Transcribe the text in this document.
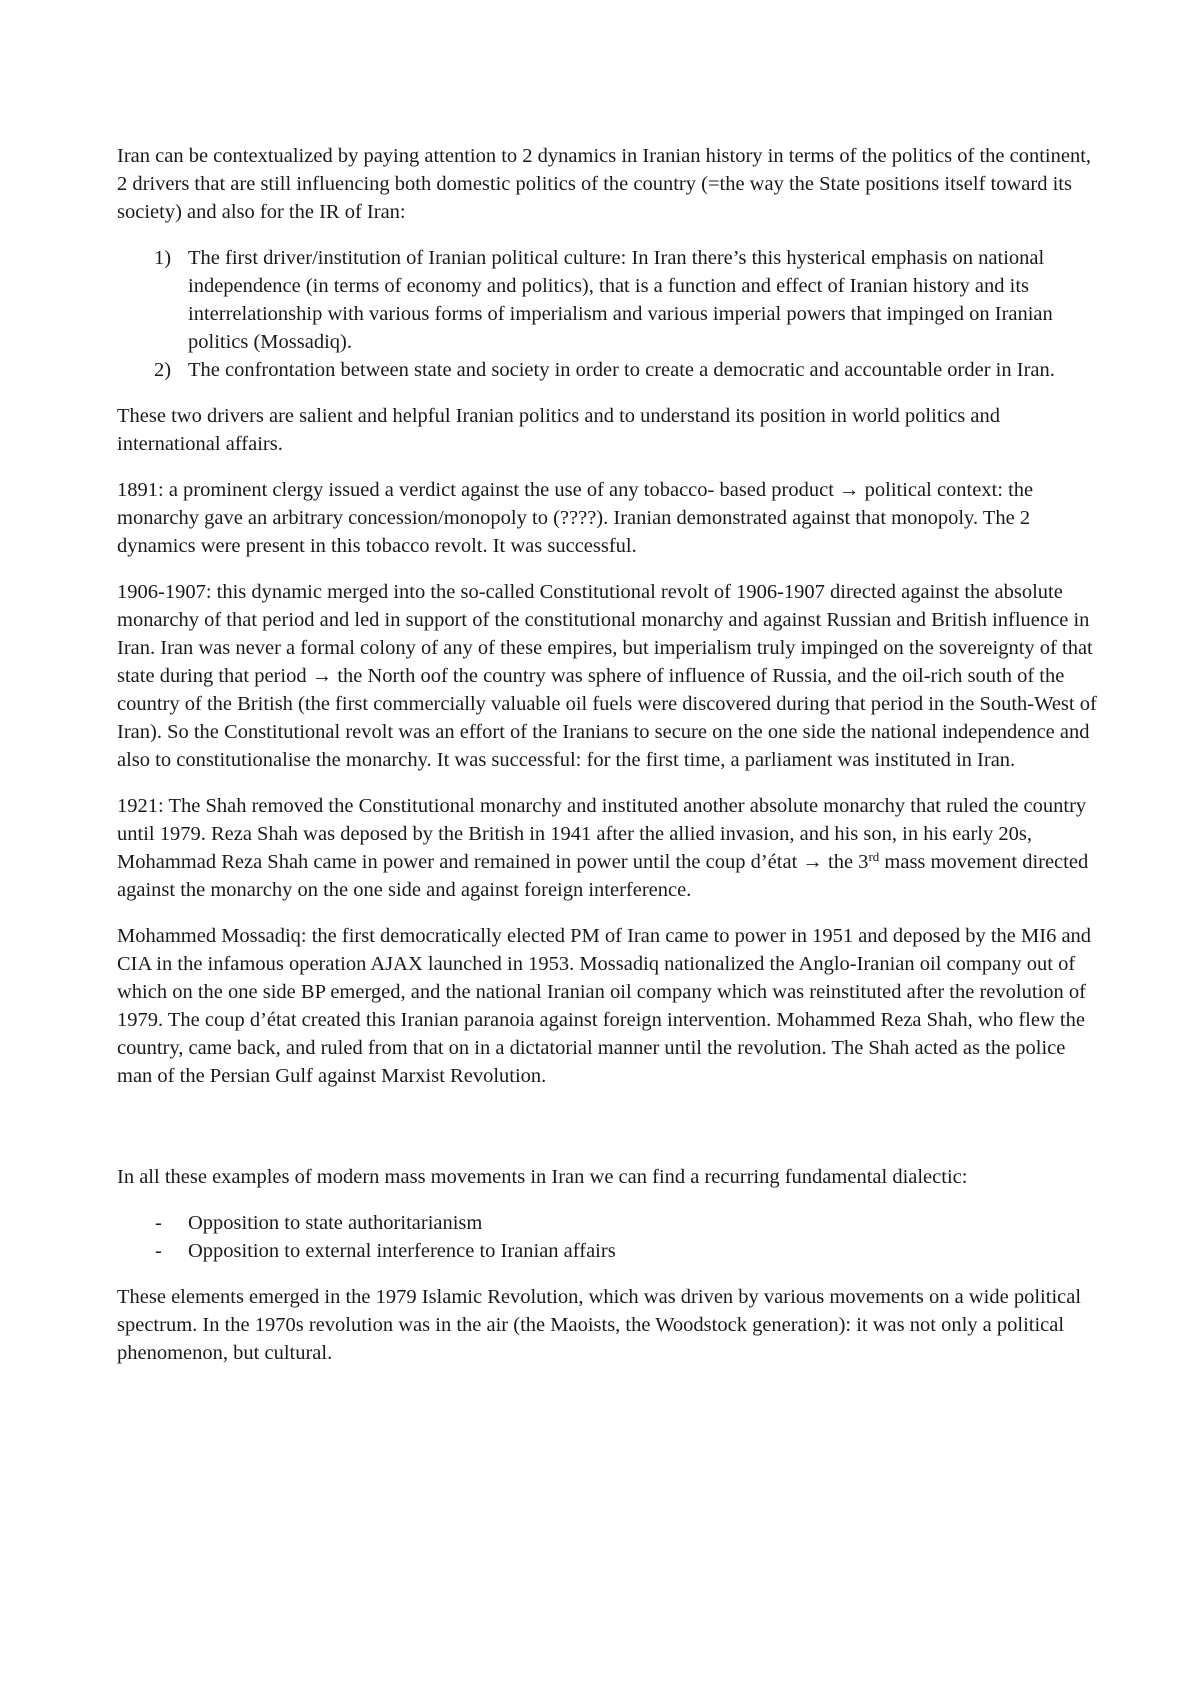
Iran can be contextualized by paying attention to 2 dynamics in Iranian history in terms of the politics of the continent, 2 drivers that are still influencing both domestic politics of the country (=the way the State positions itself toward its society) and also for the IR of Iran:

1) The first driver/institution of Iranian political culture: In Iran there’s this hysterical emphasis on national independence (in terms of economy and politics), that is a function and effect of Iranian history and its interrelationship with various forms of imperialism and various imperial powers that impinged on Iranian politics (Mossadiq).
2) The confrontation between state and society in order to create a democratic and accountable order in Iran.

These two drivers are salient and helpful Iranian politics and to understand its position in world politics and international affairs.

1891: a prominent clergy issued a verdict against the use of any tobacco- based product → political context: the monarchy gave an arbitrary concession/monopoly to (????). Iranian demonstrated against that monopoly. The 2 dynamics were present in this tobacco revolt. It was successful.

1906-1907: this dynamic merged into the so-called Constitutional revolt of 1906-1907 directed against the absolute monarchy of that period and led in support of the constitutional monarchy and against Russian and British influence in Iran. Iran was never a formal colony of any of these empires, but imperialism truly impinged on the sovereignty of that state during that period → the North oof the country was sphere of influence of Russia, and the oil-rich south of the country of the British (the first commercially valuable oil fuels were discovered during that period in the South-West of Iran). So the Constitutional revolt was an effort of the Iranians to secure on the one side the national independence and also to constitutionalise the monarchy. It was successful: for the first time, a parliament was instituted in Iran.

1921: The Shah removed the Constitutional monarchy and instituted another absolute monarchy that ruled the country until 1979. Reza Shah was deposed by the British in 1941 after the allied invasion, and his son, in his early 20s, Mohammad Reza Shah came in power and remained in power until the coup d’état → the 3rd mass movement directed against the monarchy on the one side and against foreign interference.

Mohammed Mossadiq: the first democratically elected PM of Iran came to power in 1951 and deposed by the MI6 and CIA in the infamous operation AJAX launched in 1953. Mossadiq nationalized the Anglo-Iranian oil company out of which on the one side BP emerged, and the national Iranian oil company which was reinstituted after the revolution of 1979. The coup d’état created this Iranian paranoia against foreign intervention. Mohammed Reza Shah, who flew the country, came back, and ruled from that on in a dictatorial manner until the revolution. The Shah acted as the police man of the Persian Gulf against Marxist Revolution.

In all these examples of modern mass movements in Iran we can find a recurring fundamental dialectic:

- Opposition to state authoritarianism
- Opposition to external interference to Iranian affairs

These elements emerged in the 1979 Islamic Revolution, which was driven by various movements on a wide political spectrum. In the 1970s revolution was in the air (the Maoists, the Woodstock generation): it was not only a political phenomenon, but cultural.
